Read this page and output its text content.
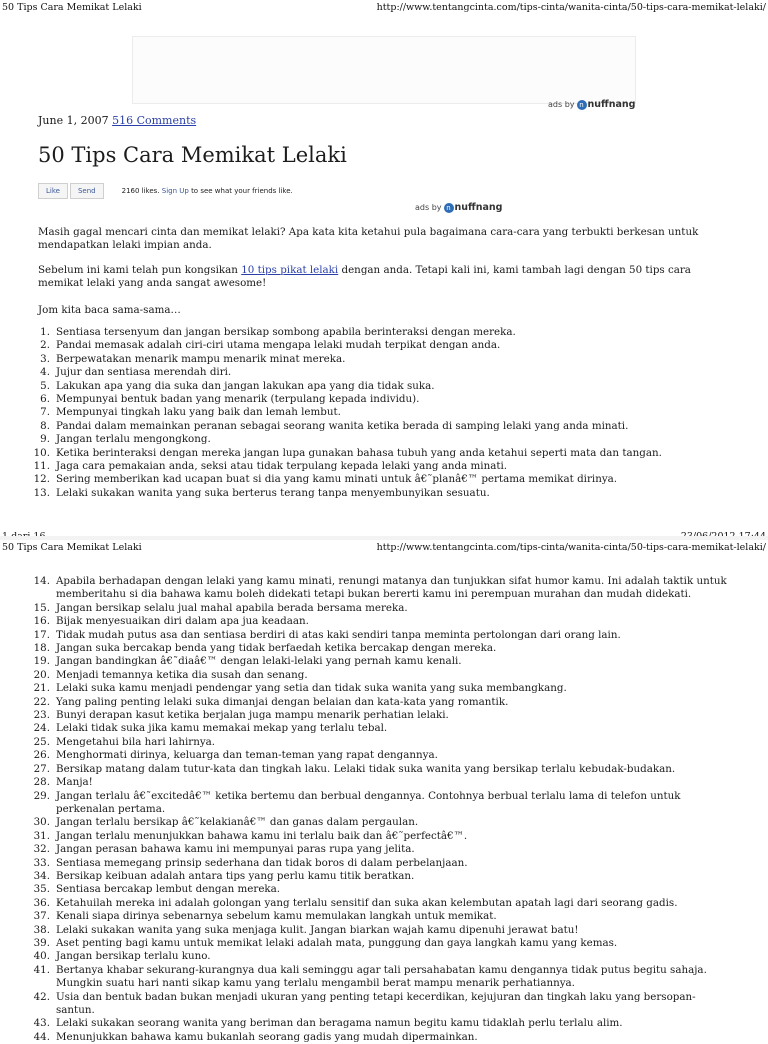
50 Tips Cara Memikat Lelaki	http://www.tentangcinta.com/tips-cinta/wanita-cinta/50-tips-cara-memikat-lelaki/
ads by n nuffnang
June 1, 2007 516 Comments
50 Tips Cara Memikat Lelaki
Like	Send	2160 likes. Sign Up to see what your friends like.
ads by n nuffnang

Masih gagal mencari cinta dan memikat lelaki? Apa kata kita ketahui pula bagaimana cara-cara yang terbukti berkesan untuk mendapatkan lelaki impian anda.

Sebelum ini kami telah pun kongsikan 10 tips pikat lelaki dengan anda. Tetapi kali ini, kami tambah lagi dengan 50 tips cara memikat lelaki yang anda sangat awesome!

Jom kita baca sama-sama…

1. Sentiasa tersenyum dan jangan bersikap sombong apabila berinteraksi dengan mereka.
2. Pandai memasak adalah ciri-ciri utama mengapa lelaki mudah terpikat dengan anda.
3. Berpewatakan menarik mampu menarik minat mereka.
4. Jujur dan sentiasa merendah diri.
5. Lakukan apa yang dia suka dan jangan lakukan apa yang dia tidak suka.
6. Mempunyai bentuk badan yang menarik (terpulang kepada individu).
7. Mempunyai tingkah laku yang baik dan lemah lembut.
8. Pandai dalam memainkan peranan sebagai seorang wanita ketika berada di samping lelaki yang anda minati.
9. Jangan terlalu mengongkong.
10. Ketika berinteraksi dengan mereka jangan lupa gunakan bahasa tubuh yang anda ketahui seperti mata dan tangan.
11. Jaga cara pemakaian anda, seksi atau tidak terpulang kepada lelaki yang anda minati.
12. Sering memberikan kad ucapan buat si dia yang kamu minati untuk â€˜planâ€™ pertama memikat dirinya.
13. Lelaki sukakan wanita yang suka berterus terang tanpa menyembunyikan sesuatu.
50 Tips Cara Memikat Lelaki	http://www.tentangcinta.com/tips-cinta/wanita-cinta/50-tips-cara-memikat-lelaki/
14. Apabila berhadapan dengan lelaki yang kamu minati, renungi matanya dan tunjukkan sifat humor kamu. Ini adalah taktik untuk memberitahu si dia bahawa kamu boleh didekati tetapi bukan bererti kamu ini perempuan murahan dan mudah didekati.
15. Jangan bersikap selalu jual mahal apabila berada bersama mereka.
16. Bijak menyesuaikan diri dalam apa jua keadaan.
17. Tidak mudah putus asa dan sentiasa berdiri di atas kaki sendiri tanpa meminta pertolongan dari orang lain.
18. Jangan suka bercakap benda yang tidak berfaedah ketika bercakap dengan mereka.
19. Jangan bandingkan â€˜diaâ€™ dengan lelaki-lelaki yang pernah kamu kenali.
20. Menjadi temannya ketika dia susah dan senang.
21. Lelaki suka kamu menjadi pendengar yang setia dan tidak suka wanita yang suka membangkang.
22. Yang paling penting lelaki suka dimanjai dengan belaian dan kata-kata yang romantik.
23. Bunyi derapan kasut ketika berjalan juga mampu menarik perhatian lelaki.
24. Lelaki tidak suka jika kamu memakai mekap yang terlalu tebal.
25. Mengetahui bila hari lahirnya.
26. Menghormati dirinya, keluarga dan teman-teman yang rapat dengannya.
27. Bersikap matang dalam tutur-kata dan tingkah laku. Lelaki tidak suka wanita yang bersikap terlalu kebudak-budakan.
28. Manja!
29. Jangan terlalu â€˜excitedâ€™ ketika bertemu dan berbual dengannya. Contohnya berbual terlalu lama di telefon untuk perkenalan pertama.
30. Jangan terlalu bersikap â€˜kelakianâ€™ dan ganas dalam pergaulan.
31. Jangan terlalu menunjukkan bahawa kamu ini terlalu baik dan â€˜perfectâ€™.
32. Jangan perasan bahawa kamu ini mempunyai paras rupa yang jelita.
33. Sentiasa memegang prinsip sederhana dan tidak boros di dalam perbelanjaan.
34. Bersikap keibuan adalah antara tips yang perlu kamu titik beratkan.
35. Sentiasa bercakap lembut dengan mereka.
36. Ketahuilah mereka ini adalah golongan yang terlalu sensitif dan suka akan kelembutan apatah lagi dari seorang gadis.
37. Kenali siapa dirinya sebenarnya sebelum kamu memulakan langkah untuk memikat.
38. Lelaki sukakan wanita yang suka menjaga kulit. Jangan biarkan wajah kamu dipenuhi jerawat batu!
39. Aset penting bagi kamu untuk memikat lelaki adalah mata, punggung dan gaya langkah kamu yang kemas.
40. Jangan bersikap terlalu kuno.
41. Bertanya khabar sekurang-kurangnya dua kali seminggu agar tali persahabatan kamu dengannya tidak putus begitu sahaja. Mungkin suatu hari nanti sikap kamu yang terlalu mengambil berat mampu menarik perhatiannya.
42. Usia dan bentuk badan bukan menjadi ukuran yang penting tetapi kecerdikan, kejujuran dan tingkah laku yang bersopan-santun.
43. Lelaki sukakan seorang wanita yang beriman dan beragama namun begitu kamu tidaklah perlu terlalu alim.
44. Menunjukkan bahawa kamu bukanlah seorang gadis yang mudah dipermainkan.
